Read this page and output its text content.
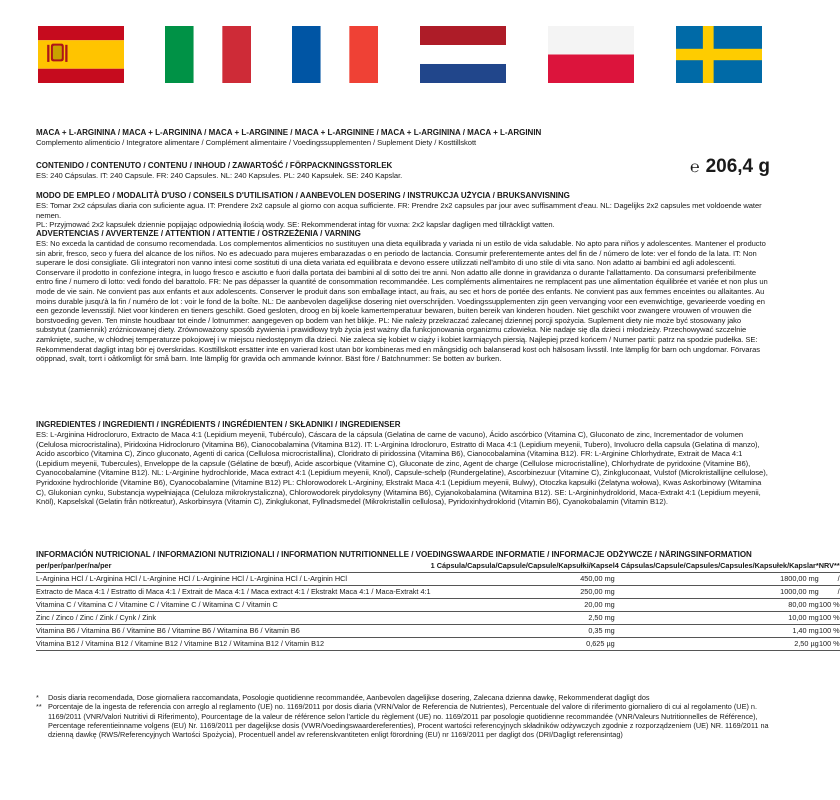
MACA + L-ARGININA / MACA + L-ARGININA / MACA + L-ARGININE / MACA + L-ARGININE / MACA + L-ARGININA / MACA + L-ARGININ
Complemento alimenticio / Integratore alimentare / Complément alimentaire / Voedingssupplementen / Suplement Diety / Kosttillskott
CONTENIDO / CONTENUTO / CONTENU / INHOUD / ZAWARTOŚĆ / FÖRPACKNINGSSTORLEK
ES: 240 Cápsulas. IT: 240 Capsule. FR: 240 Capsules. NL: 240 Kapsules. PL: 240 Kapsułek. SE: 240 Kapslar.	℮ 206,4 g
MODO DE EMPLEO / MODALITÀ D'USO / CONSEILS D'UTILISATION / AANBEVOLEN DOSERING / INSTRUKCJA UŻYCIA / BRUKSANVISNING
ES: Tomar 2x2 cápsulas diaria con suficiente agua. IT: Prendere 2x2 capsule al giorno con acqua sufficiente. FR: Prendre 2x2 capsules par jour avec suffisamment d'eau. NL: Dagelijks 2x2 capsules met voldoende water nemen.
PL: Przyjmować 2x2 kapsułek dziennie popijając odpowiednią ilością wody. SE: Rekommenderat intag för vuxna: 2x2 kapslar dagligen med tillräckligt vatten.
ADVERTENCIAS / AVVERTENZE / ATTENTION / ATTENTIE / OSTRZEŻENIA / VARNING
ES: No exceda la cantidad de consumo recomendada. Los complementos alimenticios no sustituyen una dieta equilibrada y variada ni un estilo de vida saludable. No apto para niños y adolescentes. Mantener el producto sin abrir, fresco, seco y fuera del alcance de los niños. No es adecuado para mujeres embarazadas o en periodo de lactancia. Consumir preferentemente antes del fin de / número de lote: ver el fondo de la lata. IT: Non superare le dosi consigliate. Gli integratori non vanno intesi come sostituti di una dieta variata ed equilibrata e devono essere utilizzati nell'ambito di uno stile di vita sano. Non adatto ai bambini ed agli adolescenti. Conservare il prodotto in confezione integra, in luogo fresco e asciutto e fuori dalla portata dei bambini al di sotto dei tre anni. Non adatto alle donne in gravidanza o durante l'allattamento. Da consumarsi preferibilmente entro fine / numero di lotto: vedi fondo del barattolo. FR: Ne pas dépasser la quantité de consommation recommandée. Les compléments alimentaires ne remplacent pas une alimentation équilibrée et variée et non plus un mode de vie sain. Ne convient pas aux enfants et aux adolescents. Conserver le produit dans son emballage intact, au frais, au sec et hors de portée des enfants. Ne convient pas aux femmes enceintes ou allaitantes. Au moins durable jusqu'à la fin / numéro de lot : voir le fond de la boîte. NL: De aanbevolen dagelijkse dosering niet overschrijden. Voedingssupplementen zijn geen vervanging voor een evenwichtige, gevarieerde voeding en een gezonde levensstijl. Niet voor kinderen en tieners geschikt. Goed gesloten, droog en bij koele kamertemperatuur bewaren, buiten bereik van kinderen houden. Niet geschikt voor zwangere vrouwen of vrouwen die borstvoeding geven. Ten minste houdbaar tot einde / lotnummer: aangegeven op bodem van het blikje. PL: Nie należy przekraczać zalecanej dziennej porcji spożycia. Suplement diety nie może być stosowany jako substytut (zamiennik) zróżnicowanej diety. Zrównoważony sposób żywienia i prawidłowy tryb życia jest ważny dla funkcjonowania organizmu człowieka. Nie nadaje się dla dzieci i młodzieży. Przechowywać szczelnie zamknięte, suche, w chłodnej temperaturze pokojowej i w miejscu niedostępnym dla dzieci. Nie zaleca się kobiet w ciąży i kobiet karmiących piersią. Najlepiej przed końcem / Numer partii: patrz na spodzie pudełka. SE: Rekommenderat dagligt intag bör ej överskridas. Kosttillskott ersätter inte en varierad kost utan bör kombineras med en mångsidig och balanserad kost och hälsosam livsstil. Inte lämplig för barn och ungdomar. Förvaras oöppnad, svalt, torrt i oåtkomligt för små barn. Inte lämplig för gravida och ammande kvinnor. Bäst före / Batchnummer: Se botten av burken.
INGREDIENTES / INGREDIENTI / INGRÉDIENTS / INGRÉDIENTEN / SKŁADNIKI / INGREDIENSER
ES: L-Arginina Hidrocloruro, Extracto de Maca 4:1 (Lepidium meyenii, Tubérculo), Cáscara de la cápsula (Gelatina de carne de vacuno), Ácido ascórbico (Vitamina C), Gluconato de zinc, Incrementador de volumen (Celulosa microcristalina), Piridoxina Hidrocloruro (Vitamina B6), Cianocobalamina (Vitamina B12). IT: L-Arginina Idrocloruro, Estratto di Maca 4:1 (Lepidium meyenii, Tubero), Involucro della capsula (Gelatina di manzo), Acido ascorbico (Vitamina C), Zinco gluconato, Agenti di carica (Cellulosa microcristallina), Cloridrato di piridossina (Vitamina B6), Cianocobalamina (Vitamina B12). FR: L-Arginine Chlorhydrate, Extrait de Maca 4:1 (Lepidium meyenii, Tubercules), Enveloppe de la capsule (Gélatine de bœuf), Acide ascorbique (Vitamine C), Gluconate de zinc, Agent de charge (Cellulose microcristalline), Chlorhydrate de pyridoxine (Vitamine B6), Cyanocobalamine (Vitamine B12). NL: L-Arginine hydrochloride, Maca extract 4:1 (Lepidium meyenii, Knol), Capsule-schelp (Rundergelatine), Ascorbinezuur (Vitamine C), Zinkgluconaat, Vulstof (Microkristallijne cellulose), Pyridoxine hydrochloride (Vitamine B6), Cyanocobalamine (Vitamine B12) PL: Chlorowodorek L-Argininy, Ekstrakt Maca 4:1 (Lepidium meyenii, Bulwy), Otoczka kapsułki (Żelatyna wołowa), Kwas Askorbinowy (Witamina C), Glukonian cynku, Substancja wypełniająca (Celuloza mikrokrystaliczna), Chlorowodorek pirydoksyny (Witamina B6), Cyjanokobalamina (Witamina B12). SE: L-Argininhydroklorid, Maca-Extrakt 4:1 (Lepidium meyenii, Knöl), Kapselskal (Gelatin från nötkreatur), Askorbinsyra (Vitamin C), Zinkglukonat, Fyllnadsmedel (Mikrokristallin cellulosa), Pyridoxinhydroklorid (Vitamin B6), Cyanokobalamin (Vitamin B12).
INFORMACIÓN NUTRICIONAL / INFORMAZIONI NUTRIZIONALI / INFORMATION NUTRITIONNELLE / VOEDINGSWAARDE INFORMATIE / INFORMACJE ODŻYWCZE / NÄRINGSINFORMATION
per/per/par/per/na/per	1 Cápsula/Capsula/Capsule/Capsule/Kapsułki/Kapsel	4 Cápsulas/Capsule/Capsules/Capsules/Kapsułek/Kapslar*	NRV**
L-Arginina HCl / L-Arginina HCl / L-Arginine HCl / L-Arginine HCl / L-Arginina HCl / L-Arginin HCl	450,00 mg	1800,00 mg	/
Extracto de Maca 4:1 / Estratto di Maca 4:1 / Extrait de Maca 4:1 / Maca extract 4:1 / Ekstrakt Maca 4:1 / Maca-Extrakt 4:1	250,00 mg	1000,00 mg	/
Vitamina C / Vitamina C / Vitamine C / Vitamine C / Witamina C / Vitamin C	20,00 mg	80,00 mg	100 %
Zinc / Zinco / Zinc / Zink / Cynk / Zink	2,50 mg	10,00 mg	100 %
Vitamina B6 / Vitamina B6 / Vitamine B6 / Vitamine B6 / Witamina B6 / Vitamin B6	0,35 mg	1,40 mg	100 %
Vitamina B12 / Vitamina B12 / Vitamine B12 / Vitamine B12 / Witamina B12 / Vitamin B12	0,625 µg	2,50 µg	100 %
* Dosis diaria recomendada, Dose giornaliera raccomandata, Posologie quotidienne recommandée, Aanbevolen dagelijkse dosering, Zalecana dzienna dawkę, Rekommenderat dagligt dos
** Porcentaje de la ingesta de referencia con arreglo al reglamento (UE) no. 1169/2011 por dosis diaria (VRN/Valor de Referencia de Nutrientes), Percentuale del valore di riferimento giornaliero di cui al regolamento (UE) n. 1169/2011 (VNR/Valori Nutritivi di Riferimento), Pourcentage de la valeur de référence selon l'article du règlement (UE) no. 1169/2011 par posologie quotidienne recommandée (VNR/Valeurs Nutritionnelles de Référence), Percentage referentieinname volgens (EU) Nr. 1169/2011 per dagelijkse dosis (VWR/Voedingswaardereferenties), Procent wartości referencyjnych składników odżywczych zgodnie z rozporządzeniem (UE) NR. 1169/2011 na dzienną dawkę (RWS/Referencyjnych Wartości Spożycia), Procentuell andel av referenskvantiteten enligt förordning (EU) nr 1169/2011 per dagligt dos (DRI/Dagligt referensintag)
